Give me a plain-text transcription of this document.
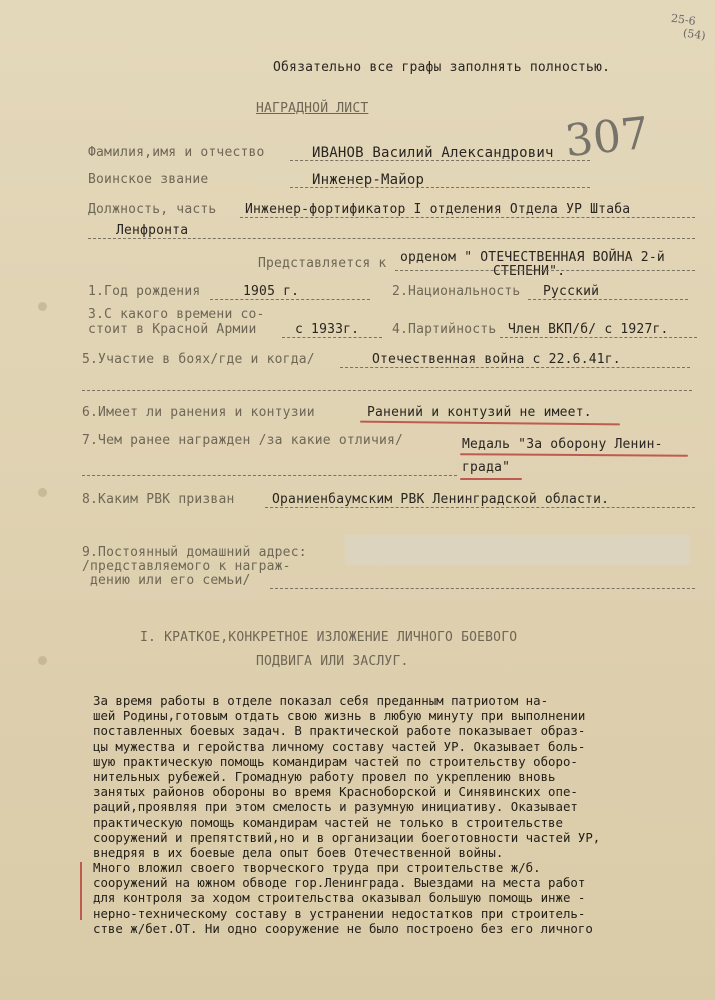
25-6
(54)
Обязательно все графы заполнять полностью.
НАГРАДНОЙ ЛИСТ	307
Фамилия,имя и отчество	ИВАНОВ Василий Александрович
Воинское звание	Инженер-Майор
Должность, часть Инженер-фортификатор I отделения Отдела УР Штаба
Ленфронта
Представляется к орденом " ОТЕЧЕСТВЕННАЯ ВОЙНА 2-й
СТЕПЕНИ".
1.Год рождения	1905 г.	2.Национальность Русский
3.С какого времени со-
стоит в Красной Армии	с 1933г.	4.Партийность Член ВКП/б/ с 1927г.
5.Участие в боях/где и когда/	Отечественная война с 22.6.41г.
6.Имеет ли ранения и контузии	Ранений и контузий не имеет.
7.Чем ранее награжден /за какие отличия/	Медаль "За оборону Ленин-
града"
8.Каким РВК призван	Ораниенбаумским РВК Ленинградской области.
9.Постоянный домашний адрес:
/представляемого к награж-
дению или его семьи/
I. КРАТКОЕ,КОНКРЕТНОЕ ИЗЛОЖЕНИЕ ЛИЧНОГО БОЕВОГО
ПОДВИГА ИЛИ ЗАСЛУГ.
За время работы в отделе показал себя преданным патриотом на-
шей Родины,готовым отдать свою жизнь в любую минуту при выполнении
поставленных боевых задач. В практической работе показывает образ-
цы мужества и геройства личному составу частей УР. Оказывает боль-
шую практическую помощь командирам частей по строительству оборо-
нительных рубежей. Громадную работу провел по укреплению вновь
занятых районов обороны во время Красноборской и Синявинских опе-
раций,проявляя при этом смелость и разумную инициативу. Оказывает
практическую помощь командирам частей не только в строительстве
сооружений и препятствий,но и в организации боеготовности частей УР,
внедряя в их боевые дела опыт боев Отечественной войны.
Много вложил своего творческого труда при строительстве ж/б.
сооружений на южном обводе гор.Ленинграда. Выездами на места работ
для контроля за ходом строительства оказывал большую помощь инже -
нерно-техническому составу в устранении недостатков при строитель-
стве ж/бет.ОТ. Ни одно сооружение не было построено без его личного
